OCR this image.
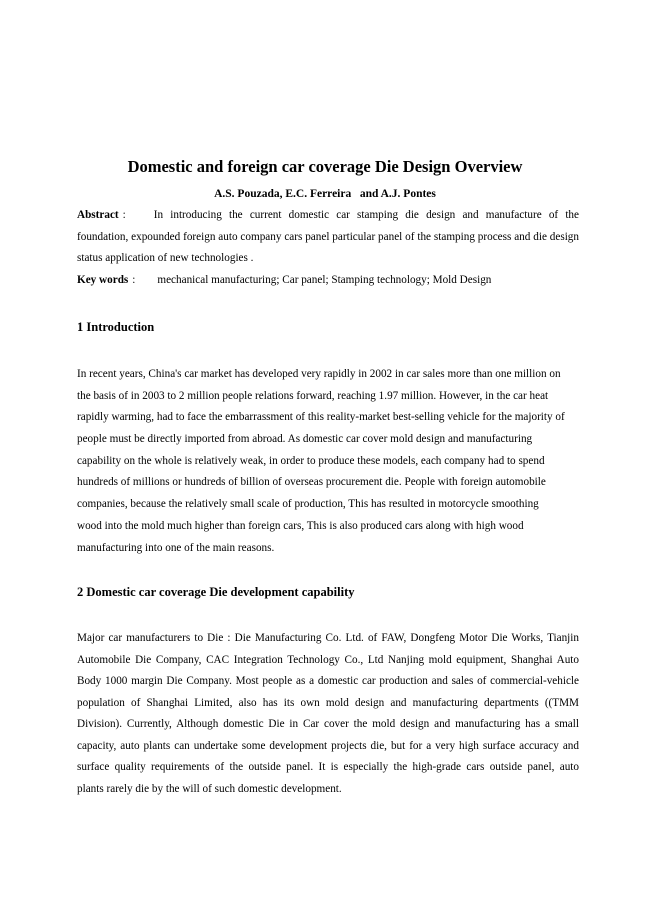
Domestic and foreign car coverage Die Design Overview
A.S. Pouzada, E.C. Ferreira   and A.J. Pontes
Abstract :	In introducing the current domestic car stamping die design and manufacture of the foundation, expounded foreign auto company cars panel particular panel of the stamping process and die design status application of new technologies .
Key words : mechanical manufacturing; Car panel; Stamping technology; Mold Design
1 Introduction
In recent years, China's car market has developed very rapidly in 2002 in car sales more than one million on
the basis of in 2003 to 2 million people relations forward, reaching 1.97 million. However, in the car heat
rapidly warming, had to face the embarrassment of this reality-market best-selling vehicle for the majority of
people must be directly imported from abroad. As domestic car cover mold design and manufacturing
capability on the whole is relatively weak, in order to produce these models, each company had to spend
hundreds of millions or hundreds of billion of overseas procurement die. People with foreign automobile
companies, because the relatively small scale of production, This has resulted in motorcycle smoothing
wood into the mold much higher than foreign cars, This is also produced cars along with high wood
manufacturing into one of the main reasons.
2 Domestic car coverage Die development capability
Major car manufacturers to Die : Die Manufacturing Co. Ltd. of FAW, Dongfeng Motor Die Works, Tianjin
Automobile Die Company, CAC Integration Technology Co., Ltd Nanjing mold equipment, Shanghai Auto
Body 1000 margin Die Company. Most people as a domestic car production and sales of commercial-vehicle
population of Shanghai Limited, also has its own mold design and manufacturing departments ((TMM
Division). Currently, Although domestic Die in Car cover the mold design and manufacturing has a small
capacity, auto plants can undertake some development projects die, but for a very high surface accuracy and
surface quality requirements of the outside panel. It is especially the high-grade cars outside panel, auto
plants rarely die by the will of such domestic development.
